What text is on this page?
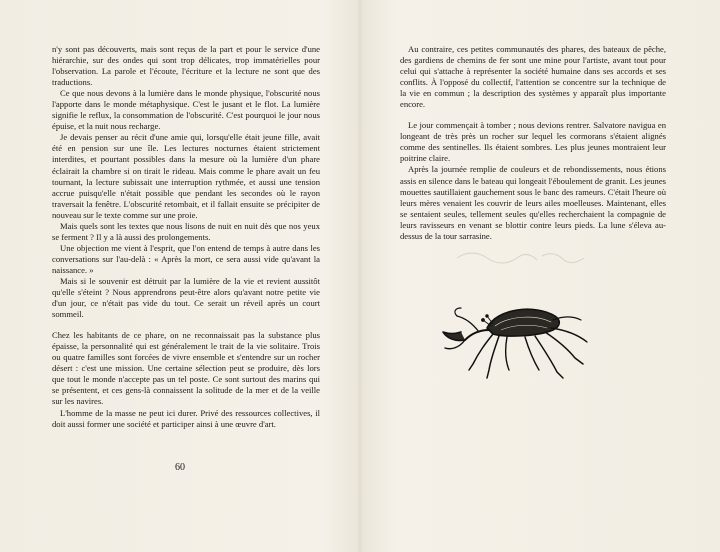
n'y sont pas découverts, mais sont reçus de la part et pour le service d'une hiérarchie, sur des ondes qui sont trop délicates, trop immatérielles pour l'observation. La parole et l'écoute, l'écriture et la lecture ne sont que des traductions.

Ce que nous devons à la lumière dans le monde physique, l'obscurité nous l'apporte dans le monde métaphysique. C'est le jusant et le flot. La lumière signifie le reflux, la consommation de l'obscurité. C'est pourquoi le jour nous épuise, et la nuit nous recharge.

Je devais penser au récit d'une amie qui, lorsqu'elle était jeune fille, avait été en pension sur une île. Les lectures nocturnes étaient strictement interdites, et pourtant possibles dans la mesure où la lumière d'un phare éclairait la chambre si on tirait le rideau. Mais comme le phare avait un feu tournant, la lecture subissait une interruption rythmée, et aussi une tension accrue puisqu'elle n'était possible que pendant les secondes où le rayon traversait la fenêtre. L'obscurité retombait, et il fallait ensuite se précipiter de nouveau sur le texte comme sur une proie.

Mais quels sont les textes que nous lisons de nuit en nuit dès que nos yeux se ferment ? Il y a là aussi des prolongements.

Une objection me vient à l'esprit, que l'on entend de temps à autre dans les conversations sur l'au-delà : « Après la mort, ce sera aussi vide qu'avant la naissance. »

Mais si le souvenir est détruit par la lumière de la vie et revient aussitôt qu'elle s'éteint ? Nous apprendrons peut-être alors qu'avant notre petite vie d'un jour, ce n'était pas vide du tout. Ce serait un réveil après un court sommeil.

Chez les habitants de ce phare, on ne reconnaissait pas la substance plus épaisse, la personnalité qui est généralement le trait de la vie solitaire. Trois ou quatre familles sont forcées de vivre ensemble et s'entendre sur un rocher désert : c'est une mission. Une certaine sélection peut se produire, dès lors que tout le monde n'accepte pas un tel poste. Ce sont surtout des marins qui se présentent, et ces gens-là connaissent la solitude de la mer et de la veille sur les navires.

L'homme de la masse ne peut ici durer. Privé des ressources collectives, il doit aussi former une société et participer ainsi à une œuvre d'art.

60

Au contraire, ces petites communautés des phares, des bateaux de pêche, des gardiens de chemins de fer sont une mine pour l'artiste, avant tout pour celui qui s'attache à représenter la société humaine dans ses accords et ses conflits. À l'opposé du collectif, l'attention se concentre sur la technique de la vie en commun ; la description des systèmes y apparaît plus importante encore.

Le jour commençait à tomber ; nous devions rentrer. Salvatore navigua en longeant de très près un rocher sur lequel les cormorans s'étaient alignés comme des sentinelles. Ils étaient sombres. Les plus jeunes montraient leur poitrine claire.

Après la journée remplie de couleurs et de rebondissements, nous étions assis en silence dans le bateau qui longeait l'éboulement de granit. Les jeunes mouettes sautillaient gauchement sous le banc des rameurs. C'était l'heure où leurs mères venaient les couvrir de leurs ailes moelleuses. Maintenant, elles se sentaient seules, tellement seules qu'elles recherchaient la compagnie de leurs ravisseurs en venant se blottir contre leurs pieds. La lune s'éleva au-dessus de la tour sarrasine.
